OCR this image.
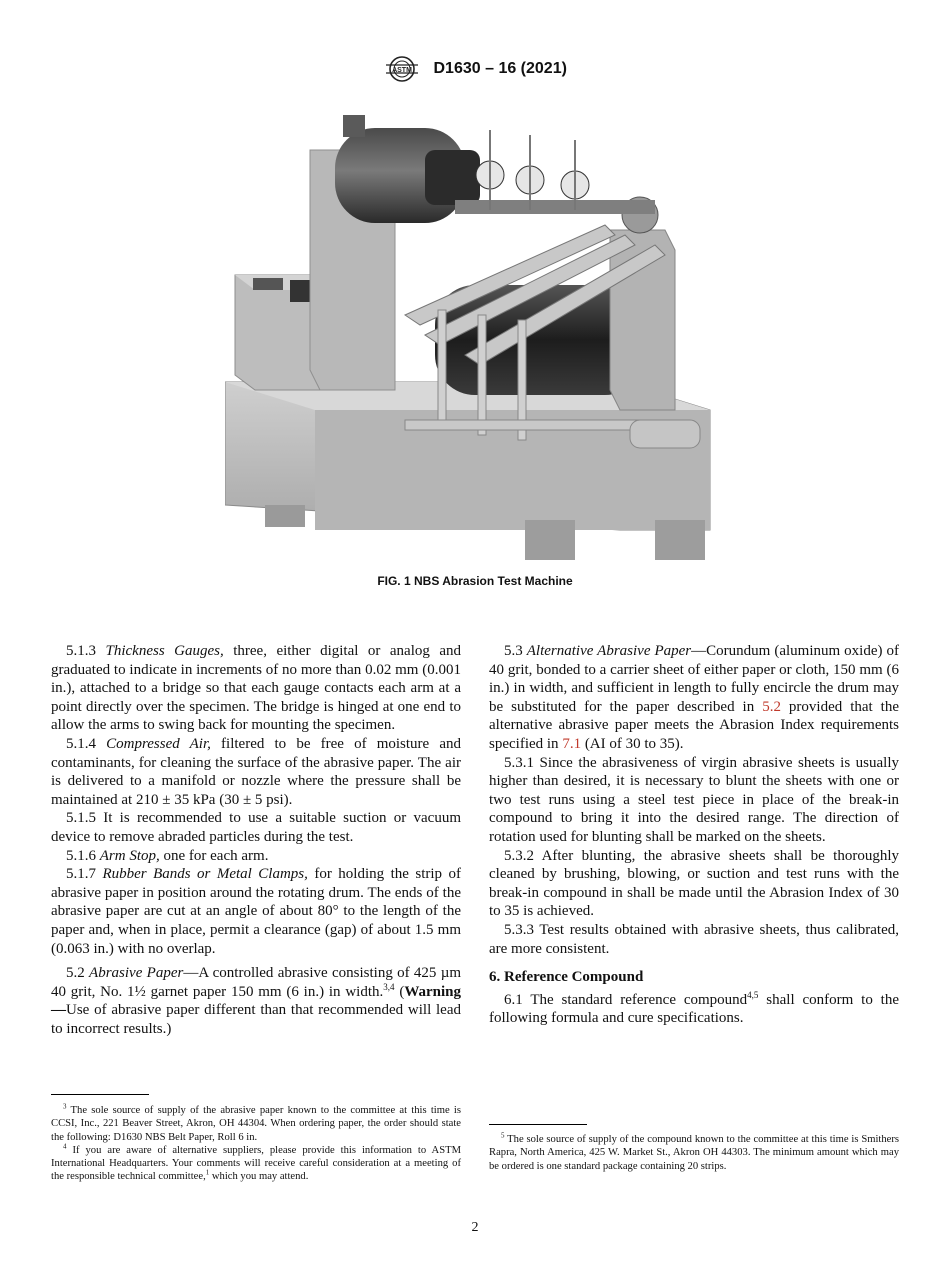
ASTM D1630 – 16 (2021)
FIG. 1 NBS Abrasion Test Machine

5.1.3 Thickness Gauges, three, either digital or analog and graduated to indicate in increments of no more than 0.02 mm (0.001 in.), attached to a bridge so that each gauge contacts each arm at a point directly over the specimen. The bridge is hinged at one end to allow the arms to swing back for mounting the specimen.

5.1.4 Compressed Air, filtered to be free of moisture and contaminants, for cleaning the surface of the abrasive paper. The air is delivered to a manifold or nozzle where the pressure shall be maintained at 210 ± 35 kPa (30 ± 5 psi).

5.1.5 It is recommended to use a suitable suction or vacuum device to remove abraded particles during the test.

5.1.6 Arm Stop, one for each arm.

5.1.7 Rubber Bands or Metal Clamps, for holding the strip of abrasive paper in position around the rotating drum. The ends of the abrasive paper are cut at an angle of about 80° to the length of the paper and, when in place, permit a clearance (gap) of about 1.5 mm (0.063 in.) with no overlap.

5.2 Abrasive Paper—A controlled abrasive consisting of 425 µm 40 grit, No. 1½ garnet paper 150 mm (6 in.) in width.$^{3,4}$ (Warning—Use of abrasive paper different than that recommended will lead to incorrect results.)

5.3 Alternative Abrasive Paper—Corundum (aluminum oxide) of 40 grit, bonded to a carrier sheet of either paper or cloth, 150 mm (6 in.) in width, and sufficient in length to fully encircle the drum may be substituted for the paper described in 5.2 provided that the alternative abrasive paper meets the Abrasion Index requirements specified in 7.1 (AI of 30 to 35).

5.3.1 Since the abrasiveness of virgin abrasive sheets is usually higher than desired, it is necessary to blunt the sheets with one or two test runs using a steel test piece in place of the break-in compound to bring it into the desired range. The direction of rotation used for blunting shall be marked on the sheets.

5.3.2 After blunting, the abrasive sheets shall be thoroughly cleaned by brushing, blowing, or suction and test runs with the break-in compound in shall be made until the Abrasion Index of 30 to 35 is achieved.

5.3.3 Test results obtained with abrasive sheets, thus calibrated, are more consistent.

6. Reference Compound

6.1 The standard reference compound$^{4,5}$ shall conform to the following formula and cure specifications.

$^3$ The sole source of supply of the abrasive paper known to the committee at this time is CCSI, Inc., 221 Beaver Street, Akron, OH 44304. When ordering paper, the order should state the following: D1630 NBS Belt Paper, Roll 6 in.

$^4$ If you are aware of alternative suppliers, please provide this information to ASTM International Headquarters. Your comments will receive careful consideration at a meeting of the responsible technical committee,$^1$ which you may attend.

$^5$ The sole source of supply of the compound known to the committee at this time is Smithers Rapra, North America, 425 W. Market St., Akron OH 44303. The minimum amount which may be ordered is one standard package containing 20 strips.

2
